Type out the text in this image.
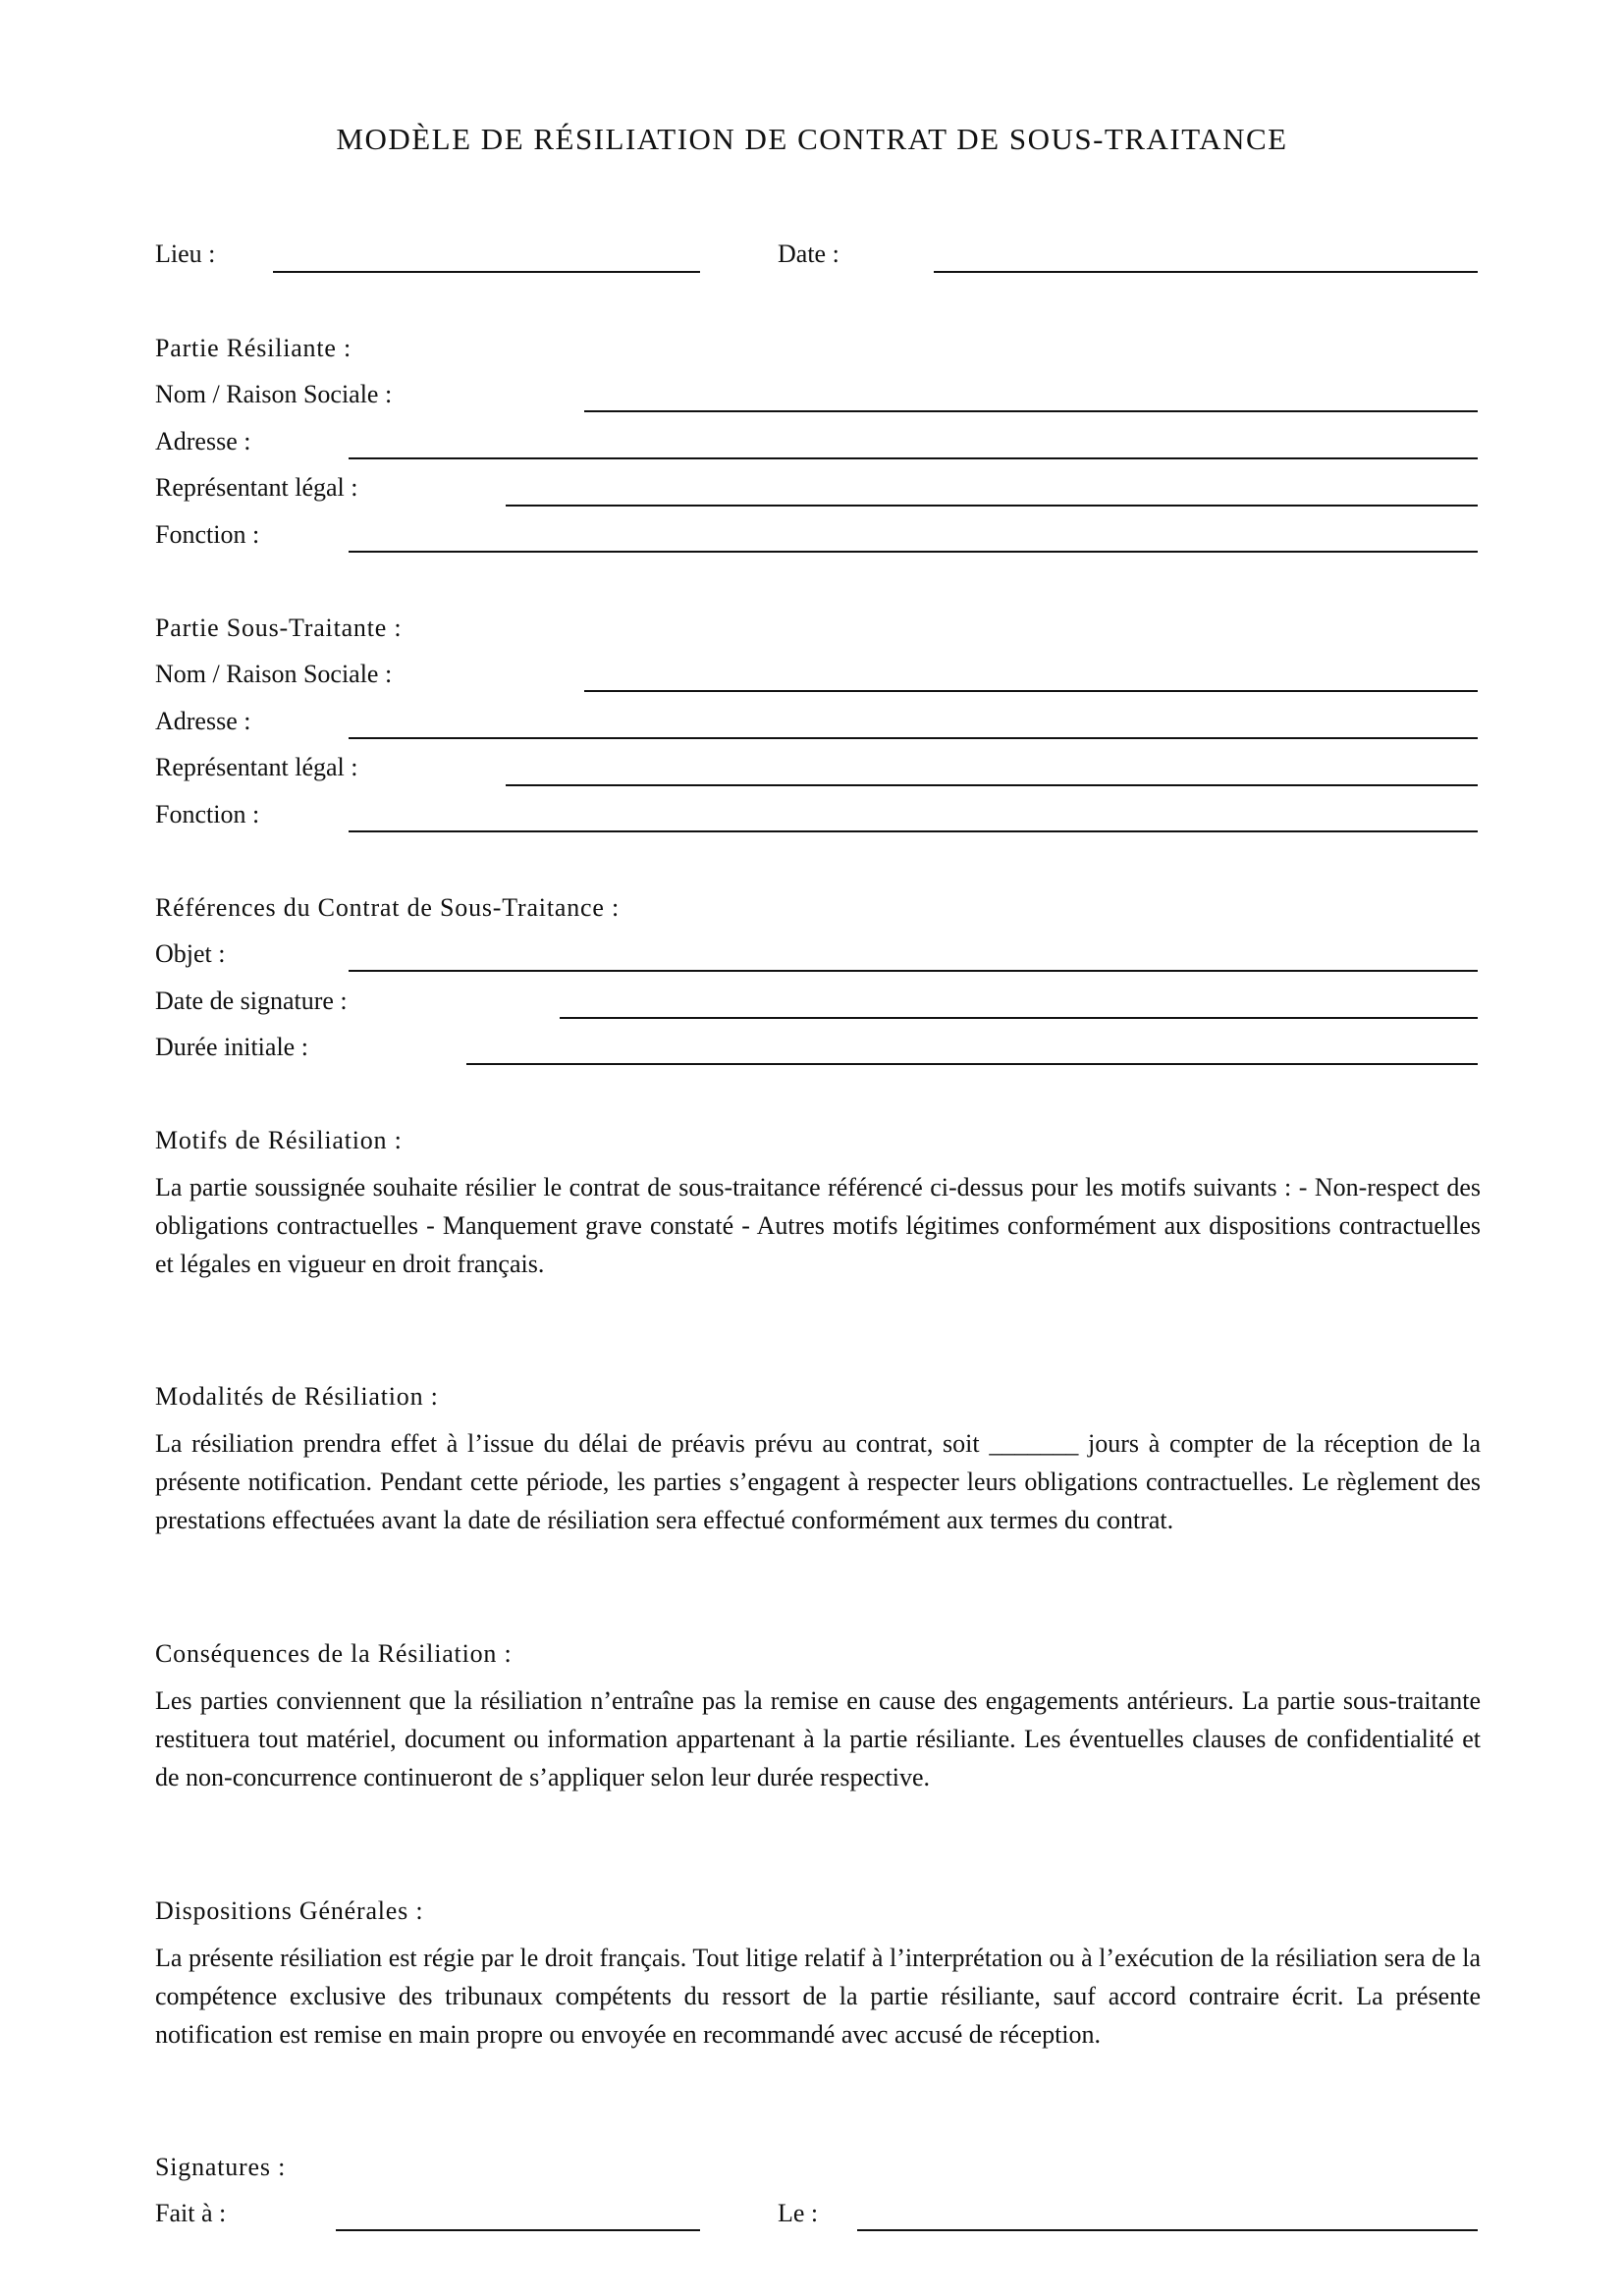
MODÈLE DE RÉSILIATION DE CONTRAT DE SOUS-TRAITANCE
Lieu :	Date :
Partie Résiliante :
Nom / Raison Sociale :
Adresse :
Représentant légal :
Fonction :
Partie Sous-Traitante :
Nom / Raison Sociale :
Adresse :
Représentant légal :
Fonction :
Références du Contrat de Sous-Traitance :
Objet :
Date de signature :
Durée initiale :
Motifs de Résiliation :
La partie soussignée souhaite résilier le contrat de sous-traitance référencé ci-dessus pour les motifs suivants : - Non-respect des obligations contractuelles - Manquement grave constaté - Autres motifs légitimes conformément aux dispositions contractuelles et légales en vigueur en droit français.
Modalités de Résiliation :
La résiliation prendra effet à l’issue du délai de préavis prévu au contrat, soit _______ jours à compter de la réception de la présente notification. Pendant cette période, les parties s’engagent à respecter leurs obligations contractuelles. Le règlement des prestations effectuées avant la date de résiliation sera effectué conformément aux termes du contrat.
Conséquences de la Résiliation :
Les parties conviennent que la résiliation n’entraîne pas la remise en cause des engagements antérieurs. La partie sous-traitante restituera tout matériel, document ou information appartenant à la partie résiliante. Les éventuelles clauses de confidentialité et de non-concurrence continueront de s’appliquer selon leur durée respective.
Dispositions Générales :
La présente résiliation est régie par le droit français. Tout litige relatif à l’interprétation ou à l’exécution de la résiliation sera de la compétence exclusive des tribunaux compétents du ressort de la partie résiliante, sauf accord contraire écrit. La présente notification est remise en main propre ou envoyée en recommandé avec accusé de réception.
Signatures :
Fait à :	Le :
